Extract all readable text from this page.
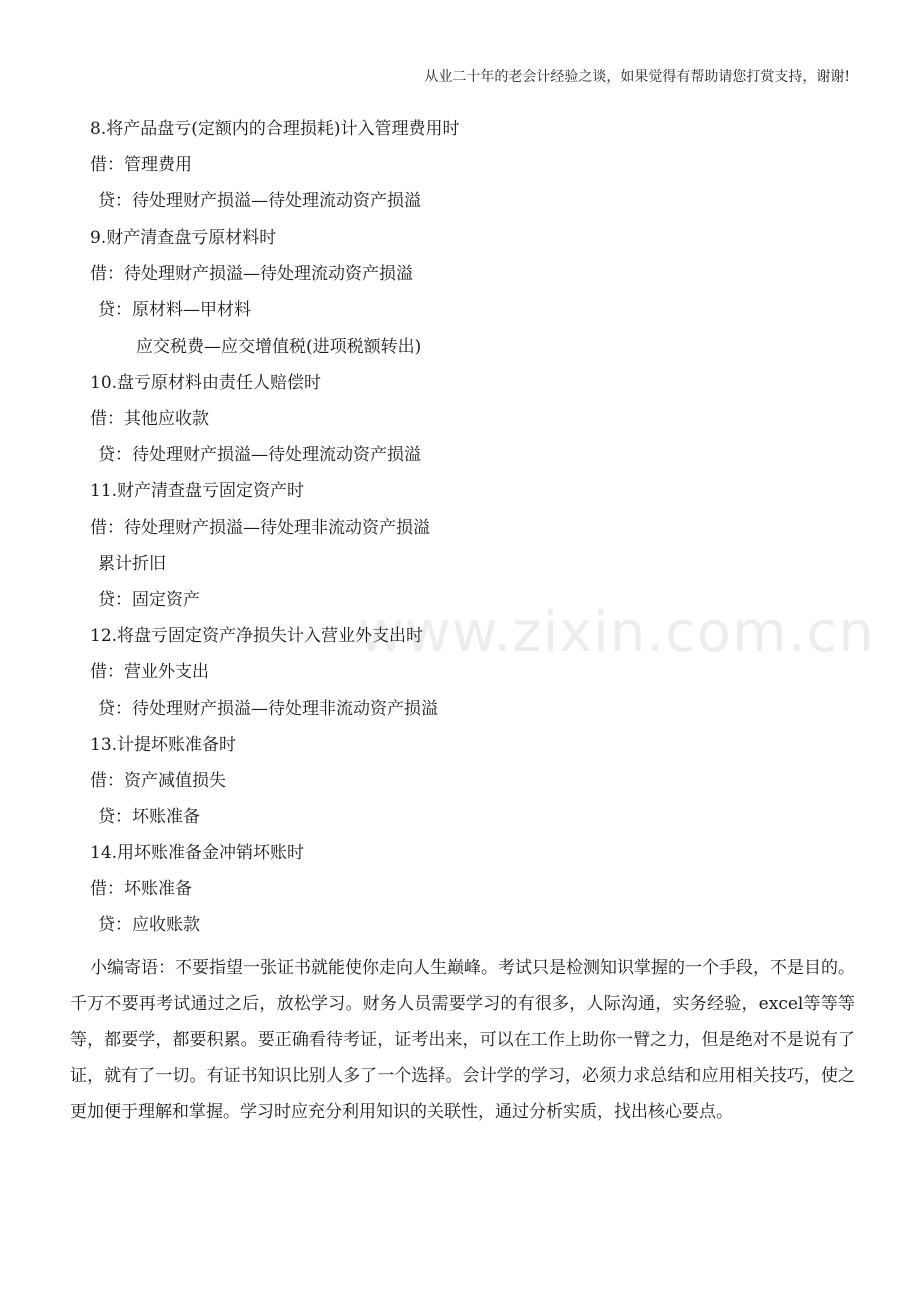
从业二十年的老会计经验之谈，如果觉得有帮助请您打赏支持，谢谢!
www.zixin.com.cn
8.将产品盘亏(定额内的合理损耗)计入管理费用时
借：管理费用
贷：待处理财产损溢—待处理流动资产损溢
9.财产清查盘亏原材料时
借：待处理财产损溢—待处理流动资产损溢
贷：原材料—甲材料
应交税费—应交增值税(进项税额转出)
10.盘亏原材料由责任人赔偿时
借：其他应收款
贷：待处理财产损溢—待处理流动资产损溢
11.财产清查盘亏固定资产时
借：待处理财产损溢—待处理非流动资产损溢
累计折旧
贷：固定资产
12.将盘亏固定资产净损失计入营业外支出时
借：营业外支出
贷：待处理财产损溢—待处理非流动资产损溢
13.计提坏账准备时
借：资产减值损失
贷：坏账准备
14.用坏账准备金冲销坏账时
借：坏账准备
贷：应收账款
小编寄语：不要指望一张证书就能使你走向人生巅峰。考试只是检测知识掌握的一个手段，不是目的。千万不要再考试通过之后，放松学习。财务人员需要学习的有很多，人际沟通，实务经验，excel等等等等，都要学，都要积累。要正确看待考证，证考出来，可以在工作上助你一臂之力，但是绝对不是说有了证，就有了一切。有证书知识比别人多了一个选择。会计学的学习，必须力求总结和应用相关技巧，使之更加便于理解和掌握。学习时应充分利用知识的关联性，通过分析实质，找出核心要点。
